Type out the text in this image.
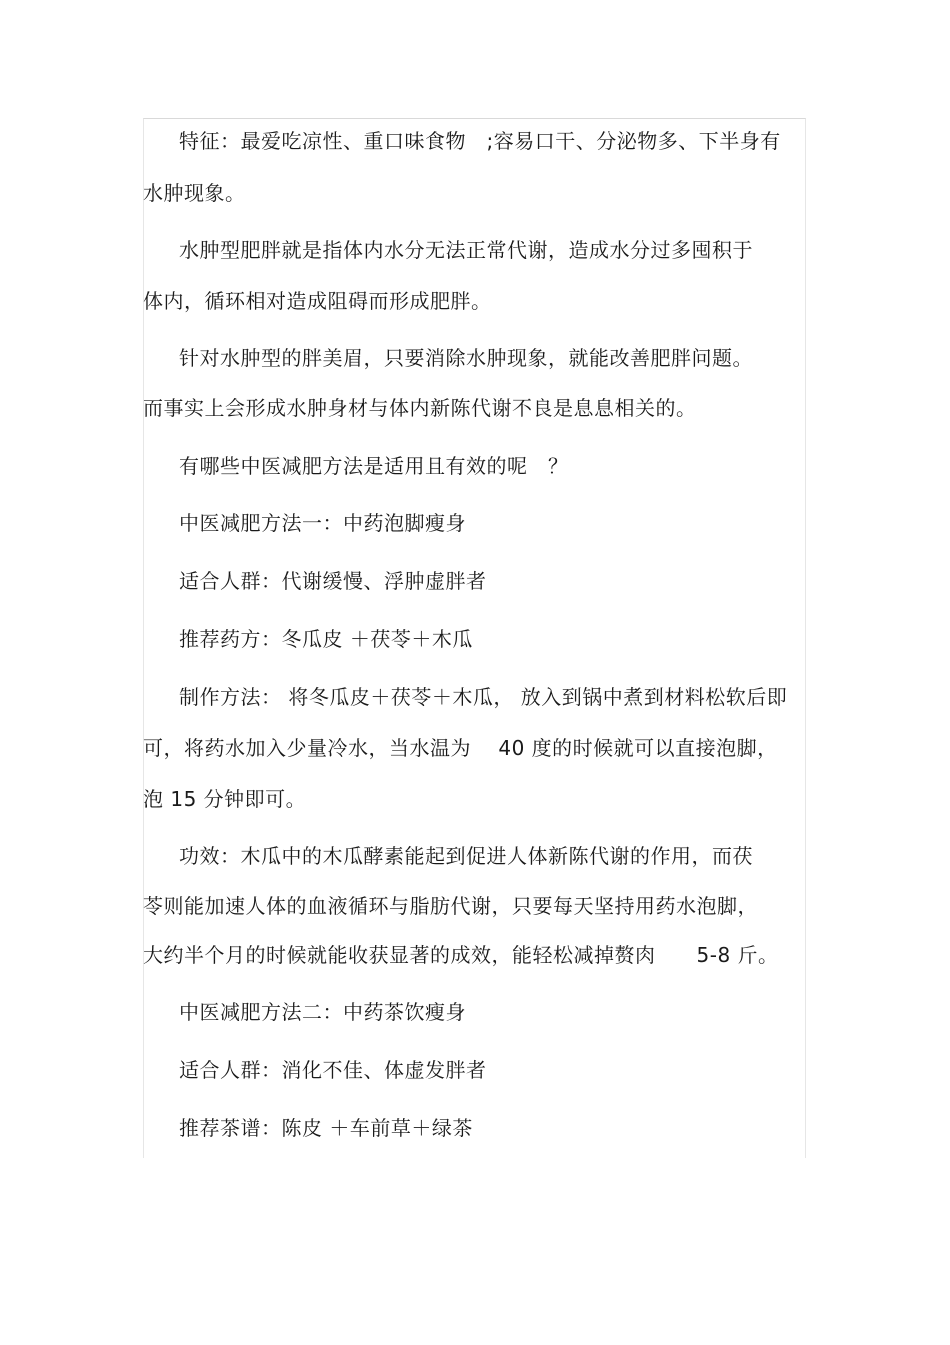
特征：最爱吃凉性、重口味食物　;容易口干、分泌物多、下半身有
水肿现象。
水肿型肥胖就是指体内水分无法正常代谢，造成水分过多囤积于
体内，循环相对造成阻碍而形成肥胖。
针对水肿型的胖美眉，只要消除水肿现象，就能改善肥胖问题。
而事实上会形成水肿身材与体内新陈代谢不良是息息相关的。
有哪些中医减肥方法是适用且有效的呢　？
中医减肥方法一：中药泡脚瘦身
适合人群：代谢缓慢、浮肿虚胖者
推荐药方：冬瓜皮 ＋茯苓＋木瓜
制作方法： 将冬瓜皮＋茯苓＋木瓜， 放入到锅中煮到材料松软后即
可，将药水加入少量冷水，当水温为　 40 度的时候就可以直接泡脚，
泡 15 分钟即可。
功效：木瓜中的木瓜酵素能起到促进人体新陈代谢的作用，而茯
苓则能加速人体的血液循环与脂肪代谢，只要每天坚持用药水泡脚，
大约半个月的时候就能收获显著的成效，能轻松减掉赘肉　　5-8 斤。
中医减肥方法二：中药茶饮瘦身
适合人群：消化不佳、体虚发胖者
推荐茶谱：陈皮 ＋车前草＋绿茶
